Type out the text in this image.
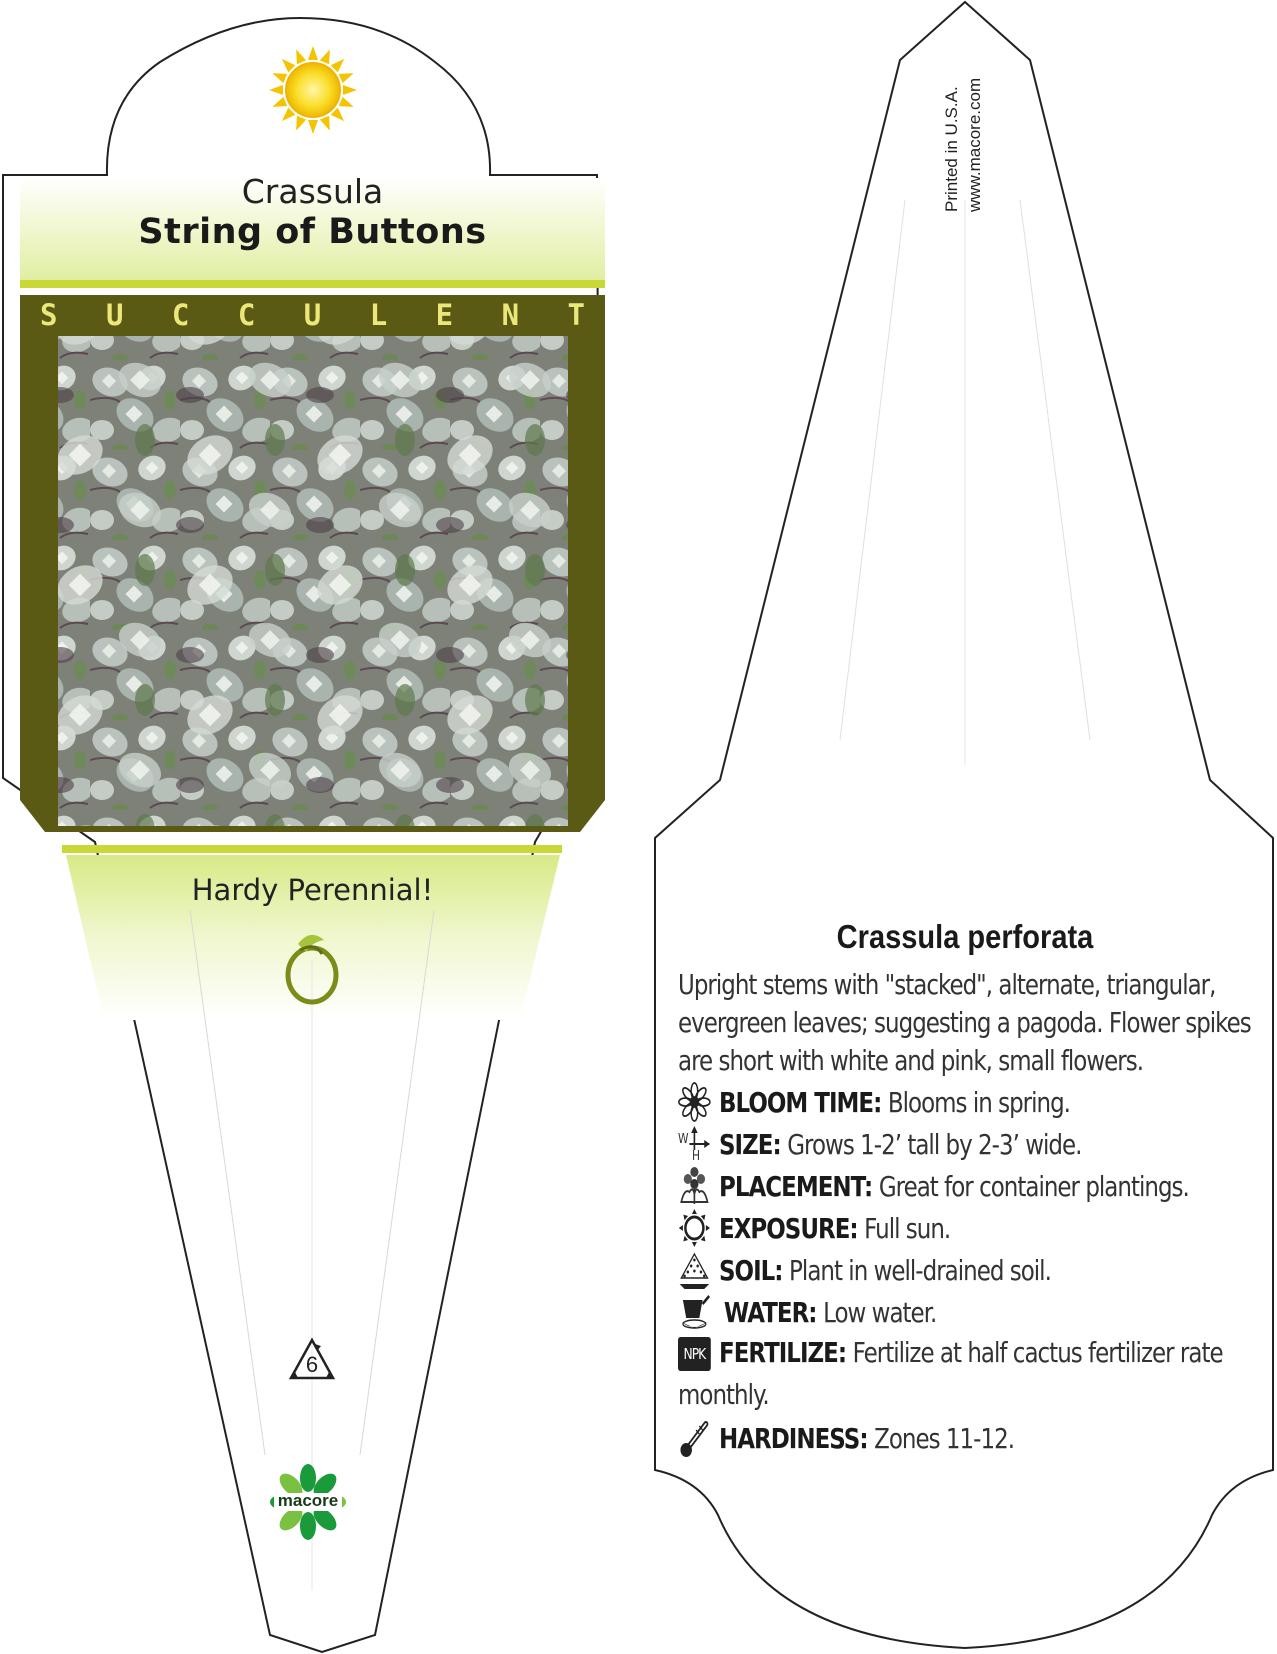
Crassula
String of Buttons
S U C C U L E N T
Hardy Perennial!
6
macore
Printed in U.S.A. www.macore.com
Crassula perforata
Upright stems with "stacked", alternate, triangular,
evergreen leaves; suggesting a pagoda. Flower spikes
are short with white and pink, small flowers.
BLOOM TIME: Blooms in spring.
W
H SIZE: Grows 1-2’ tall by 2-3’ wide.
PLACEMENT: Great for container plantings.
EXPOSURE: Full sun.
SOIL: Plant in well-drained soil.
WATER: Low water.
NPK FERTILIZE: Fertilize at half cactus fertilizer rate
monthly.
HARDINESS: Zones 11-12.
